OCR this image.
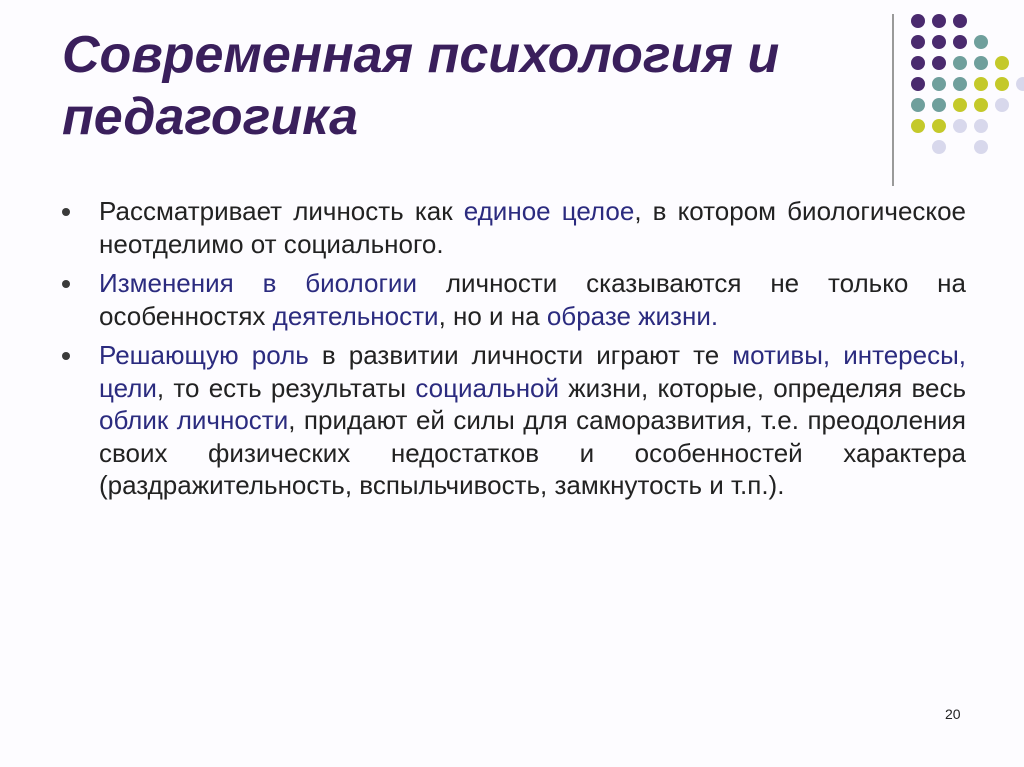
Современная психология и
педагогика
Рассматривает личность как единое целое, в котором биологическое неотделимо от социального.
Изменения в биологии личности сказываются не только на особенностях деятельности, но и на образе жизни.
Решающую роль в развитии личности играют те мотивы, интересы, цели, то есть результаты социальной жизни, которые, определяя весь облик личности, придают ей силы для саморазвития, т.е. преодоления своих физических недостатков и особенностей характера (раздражительность, вспыльчивость, замкнутость и т.п.).
20
